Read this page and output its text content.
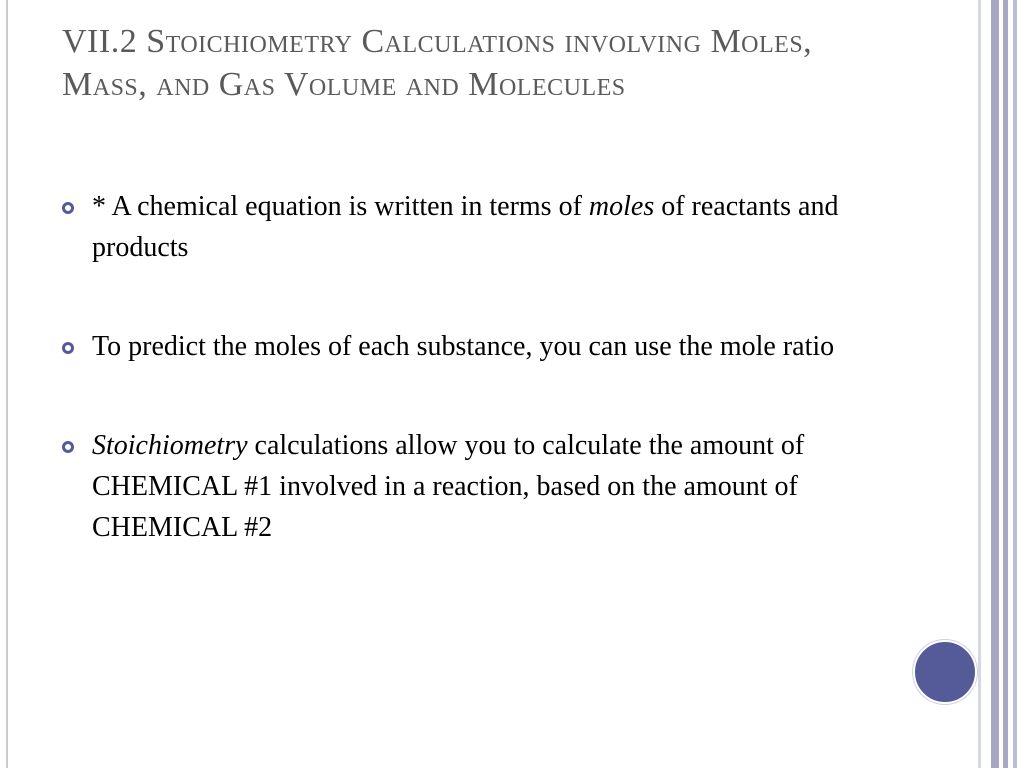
VII.2 Stoichiometry Calculations involving Moles, Mass, and Gas Volume and Molecules
* A chemical equation is written in terms of moles of reactants and products
To predict the moles of each substance, you can use the mole ratio
Stoichiometry calculations allow you to calculate the amount of CHEMICAL #1 involved in a reaction, based on the amount of CHEMICAL #2
